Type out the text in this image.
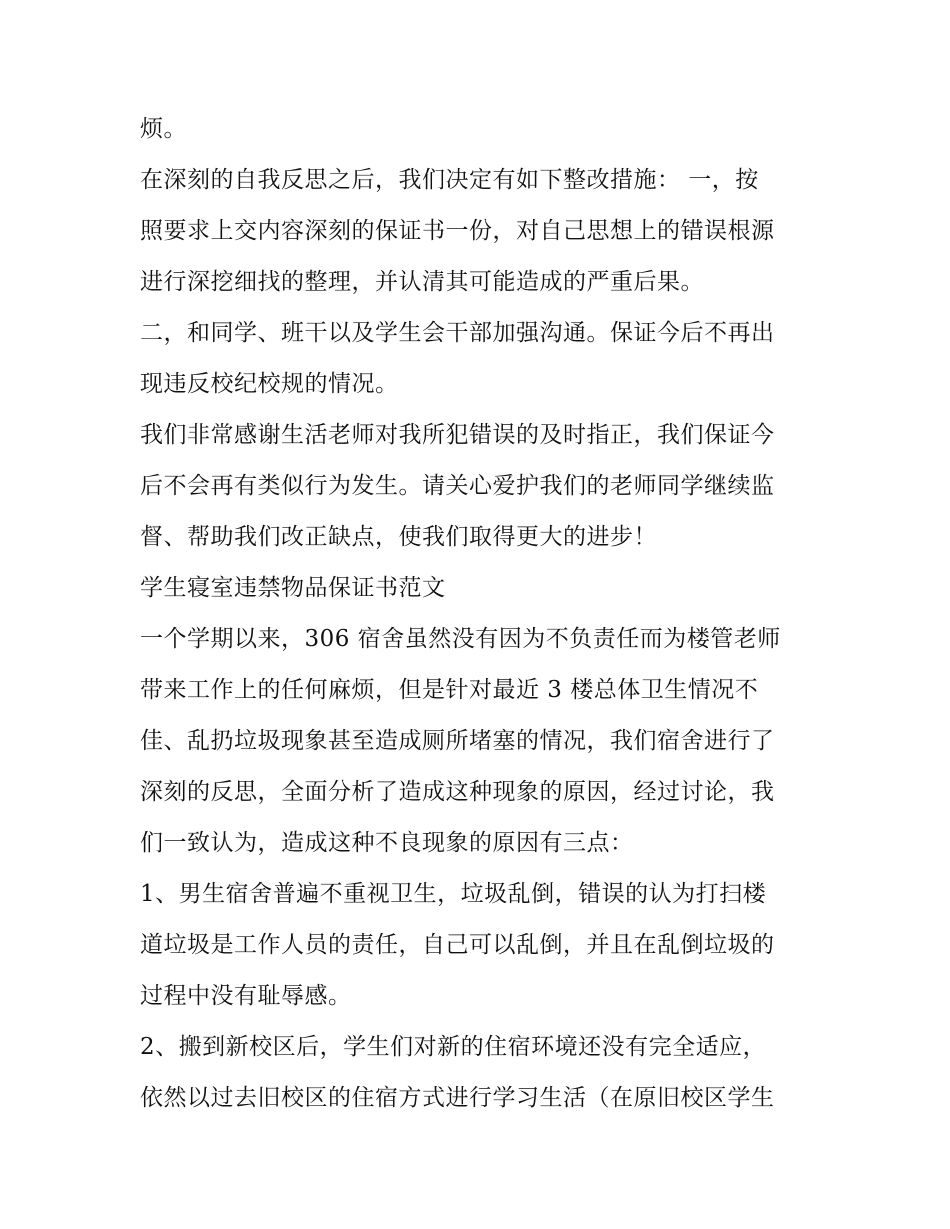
烦。
在深刻的自我反思之后，我们决定有如下整改措施： 一，按
照要求上交内容深刻的保证书一份，对自己思想上的错误根源
进行深挖细找的整理，并认清其可能造成的严重后果。
二，和同学、班干以及学生会干部加强沟通。保证今后不再出
现违反校纪校规的情况。
我们非常感谢生活老师对我所犯错误的及时指正，我们保证今
后不会再有类似行为发生。请关心爱护我们的老师同学继续监
督、帮助我们改正缺点，使我们取得更大的进步！
学生寝室违禁物品保证书范文
一个学期以来，306 宿舍虽然没有因为不负责任而为楼管老师
带来工作上的任何麻烦，但是针对最近 3 楼总体卫生情况不
佳、乱扔垃圾现象甚至造成厕所堵塞的情况，我们宿舍进行了
深刻的反思，全面分析了造成这种现象的原因，经过讨论，我
们一致认为，造成这种不良现象的原因有三点：
1、男生宿舍普遍不重视卫生，垃圾乱倒，错误的认为打扫楼
道垃圾是工作人员的责任，自己可以乱倒，并且在乱倒垃圾的
过程中没有耻辱感。
2、搬到新校区后，学生们对新的住宿环境还没有完全适应，
依然以过去旧校区的住宿方式进行学习生活（在原旧校区学生
